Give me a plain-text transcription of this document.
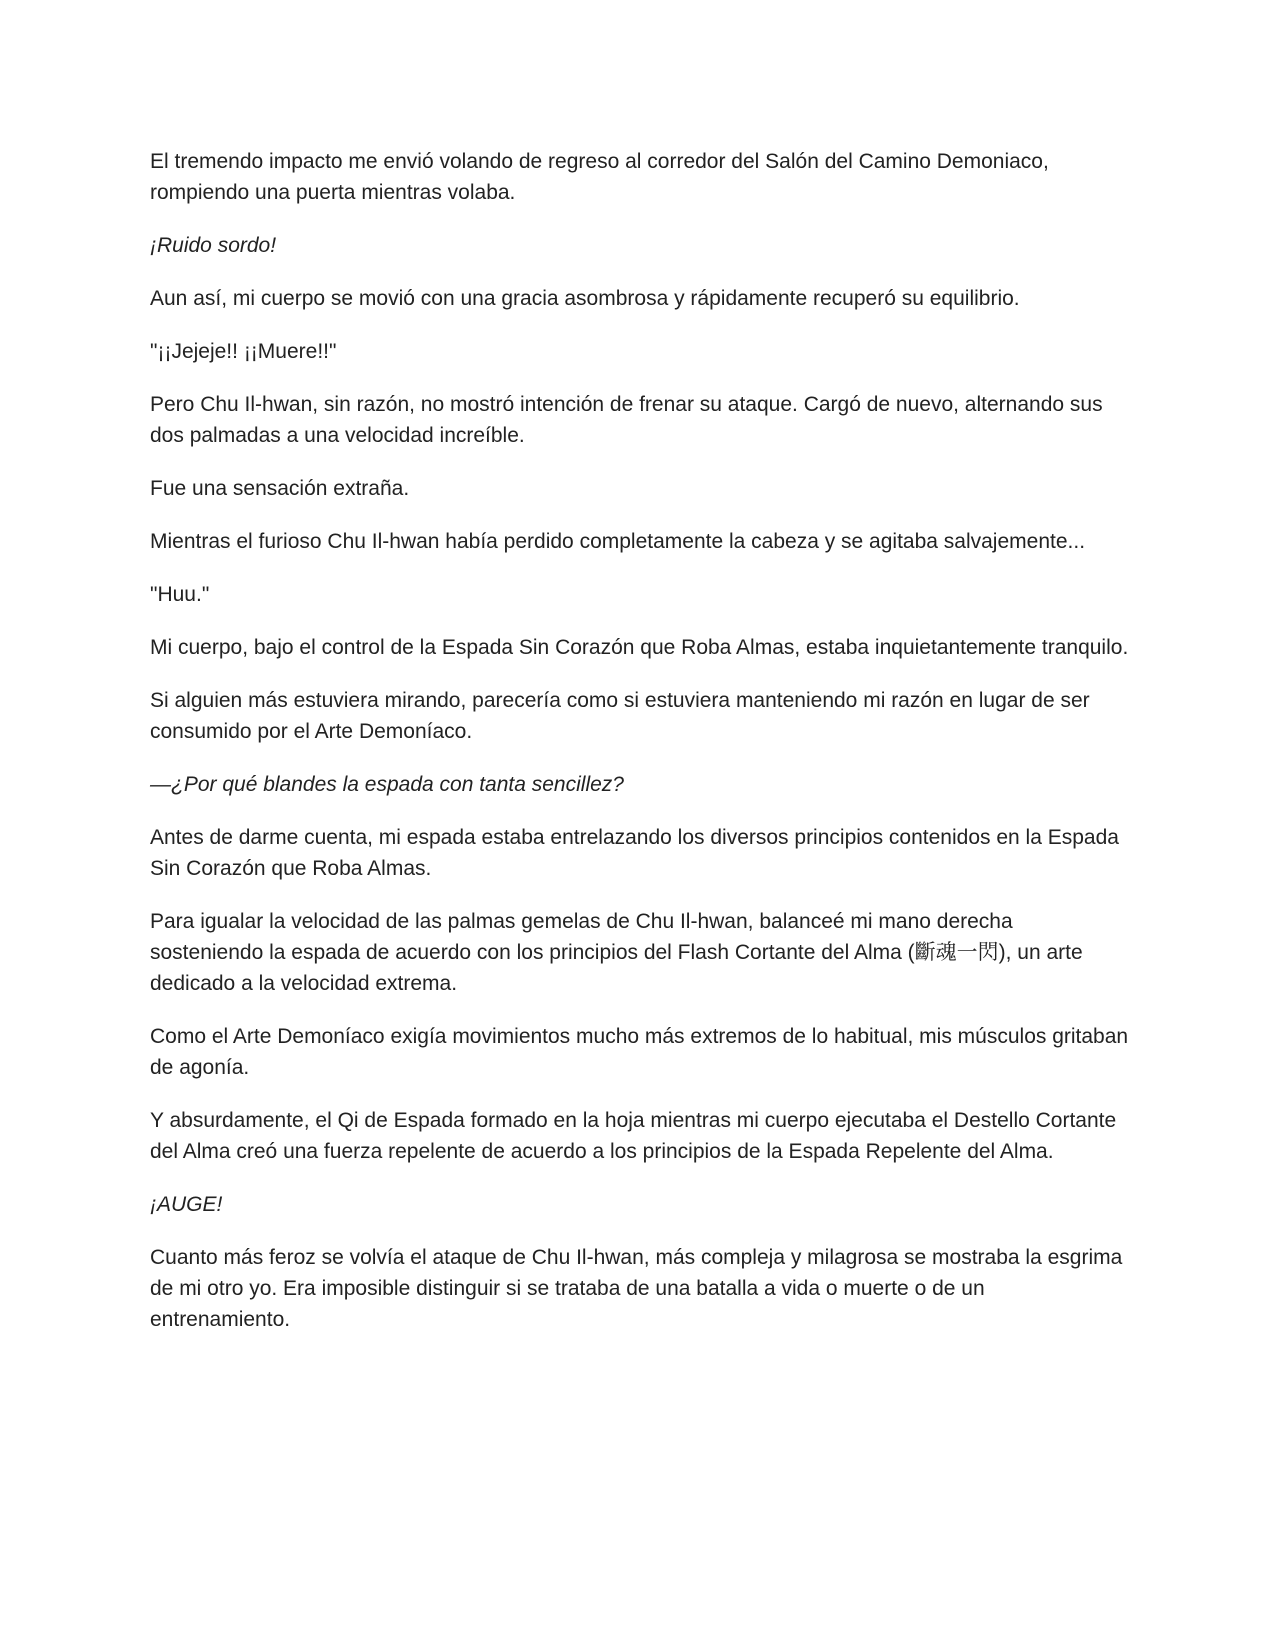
El tremendo impacto me envió volando de regreso al corredor del Salón del Camino Demoniaco, rompiendo una puerta mientras volaba.

¡Ruido sordo!

Aun así, mi cuerpo se movió con una gracia asombrosa y rápidamente recuperó su equilibrio.

"¡¡Jejeje!! ¡¡Muere!!"

Pero Chu Il-hwan, sin razón, no mostró intención de frenar su ataque. Cargó de nuevo, alternando sus dos palmadas a una velocidad increíble.

Fue una sensación extraña.

Mientras el furioso Chu Il-hwan había perdido completamente la cabeza y se agitaba salvajemente...

"Huu."

Mi cuerpo, bajo el control de la Espada Sin Corazón que Roba Almas, estaba inquietantemente tranquilo.

Si alguien más estuviera mirando, parecería como si estuviera manteniendo mi razón en lugar de ser consumido por el Arte Demoníaco.

—¿Por qué blandes la espada con tanta sencillez?

Antes de darme cuenta, mi espada estaba entrelazando los diversos principios contenidos en la Espada Sin Corazón que Roba Almas.

Para igualar la velocidad de las palmas gemelas de Chu Il-hwan, balanceé mi mano derecha sosteniendo la espada de acuerdo con los principios del Flash Cortante del Alma (斷魂一閃), un arte dedicado a la velocidad extrema.

Como el Arte Demoníaco exigía movimientos mucho más extremos de lo habitual, mis músculos gritaban de agonía.

Y absurdamente, el Qi de Espada formado en la hoja mientras mi cuerpo ejecutaba el Destello Cortante del Alma creó una fuerza repelente de acuerdo a los principios de la Espada Repelente del Alma.

¡AUGE!

Cuanto más feroz se volvía el ataque de Chu Il-hwan, más compleja y milagrosa se mostraba la esgrima de mi otro yo. Era imposible distinguir si se trataba de una batalla a vida o muerte o de un entrenamiento.
